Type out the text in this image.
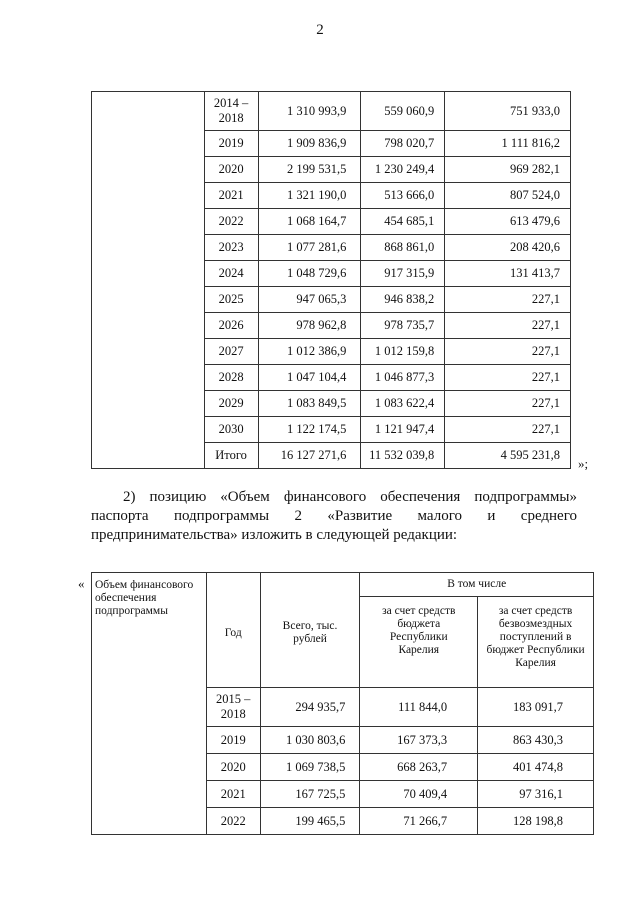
2
	2014 – 2018	1 310 993,9	559 060,9	751 933,0
	2019	1 909 836,9	798 020,7	1 111 816,2
	2020	2 199 531,5	1 230 249,4	969 282,1
	2021	1 321 190,0	513 666,0	807 524,0
	2022	1 068 164,7	454 685,1	613 479,6
	2023	1 077 281,6	868 861,0	208 420,6
	2024	1 048 729,6	917 315,9	131 413,7
	2025	947 065,3	946 838,2	227,1
	2026	978 962,8	978 735,7	227,1
	2027	1 012 386,9	1 012 159,8	227,1
	2028	1 047 104,4	1 046 877,3	227,1
	2029	1 083 849,5	1 083 622,4	227,1
	2030	1 122 174,5	1 121 947,4	227,1
	Итого	16 127 271,6	11 532 039,8	4 595 231,8
»;
2) позицию «Объем финансового обеспечения подпрограммы»
паспорта подпрограммы 2 «Развитие малого и среднего
предпринимательства» изложить в следующей редакции:
« Объем финансового обеспечения подпрограммы	Год	Всего, тыс. рублей	В том числе	
			за счет средств бюджета Республики Карелия	за счет средств безвозмездных поступлений в бюджет Республики Карелия
	2015 – 2018	294 935,7	111 844,0	183 091,7
	2019	1 030 803,6	167 373,3	863 430,3
	2020	1 069 738,5	668 263,7	401 474,8
	2021	167 725,5	70 409,4	97 316,1
	2022	199 465,5	71 266,7	128 198,8
